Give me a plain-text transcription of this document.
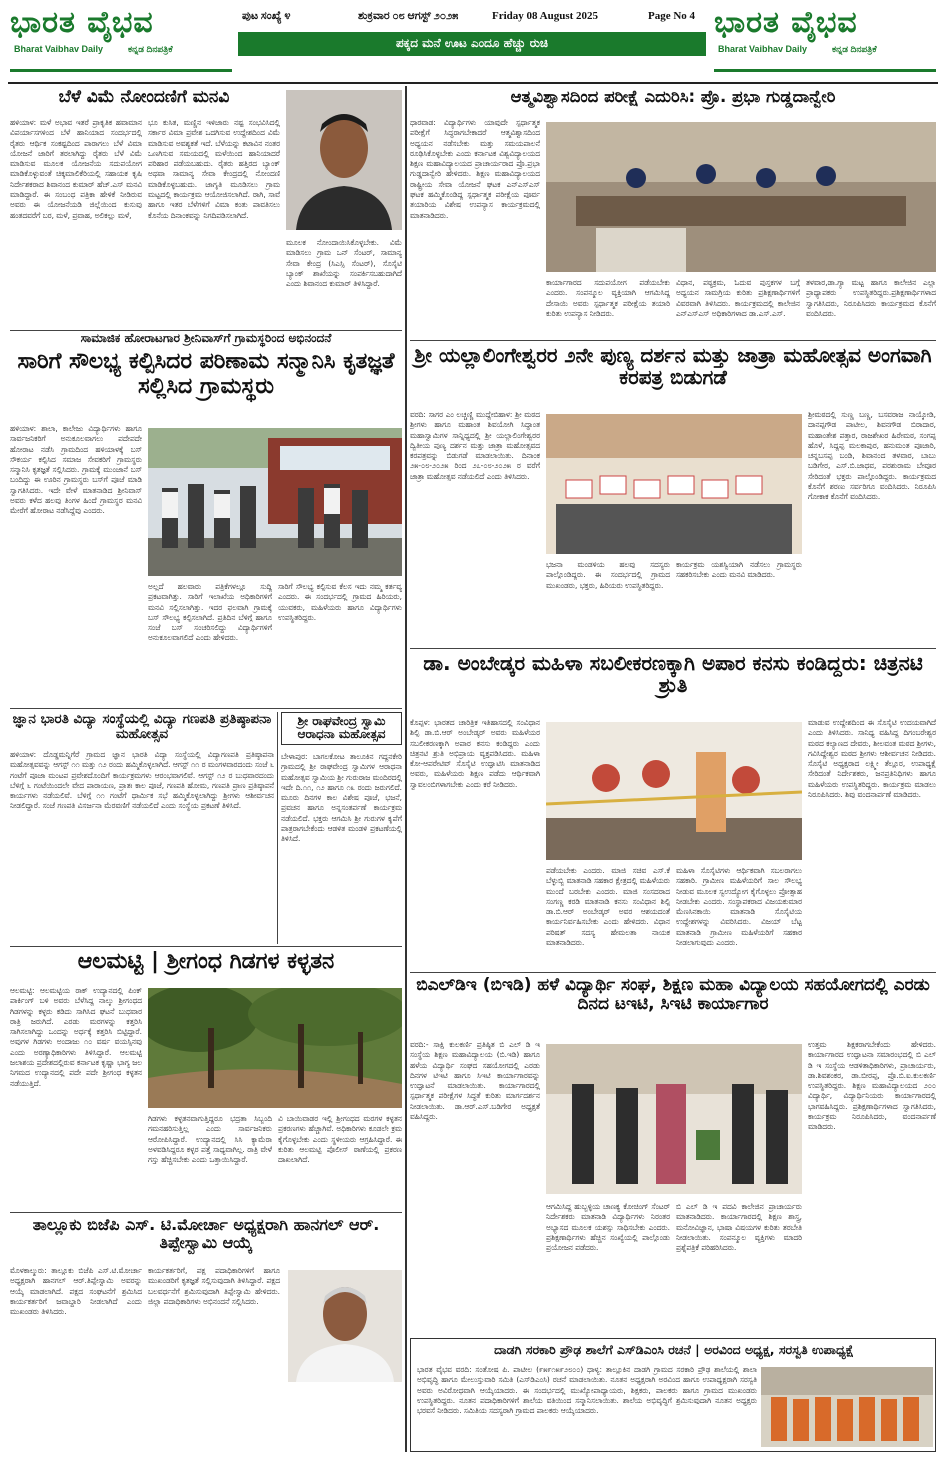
ಭಾರತ ವೈಭವ
Bharat Vaibhav Daily	ಕನ್ನಡ ದಿನಪತ್ರಿಕೆ
ಪುಟ ಸಂಖ್ಯೆ ೪	ಶುಕ್ರವಾರ ೦೮ ಆಗಸ್ಟ್ ೨೦೨೫	Friday 08 August 2025	Page No 4
ಪಕ್ಕದ ಮನೆ ಊಟ ಎಂದೂ ಹೆಚ್ಚು ರುಚಿ
ಭಾರತ ವೈಭವ
Bharat Vaibhav Daily	ಕನ್ನಡ ದಿನಪತ್ರಿಕೆ
ಬೆಳೆ ವಿಮೆ ನೋಂದಣಿಗೆ ಮನವಿ
ಹಳಿಯಾಳ: ಮಳೆ ಅಭಾವ ಇತರೆ ಪ್ರಾಕೃತಿಕ ಹವಾಮಾನ ವಿಪರ್ಯಾಸಗಳಿಂದ ಬೆಳೆ ಹಾನಿಯಾದ ಸಂದರ್ಭದಲ್ಲಿ ರೈತರು ಆರ್ಥಿಕ ಸಂಕಷ್ಟದಿಂದ ಪಾರಾಗಲು ಬೆಳೆ ವಿಮಾ ಯೋಜನೆ ಜಾರಿಗೆ ತರಲಾಗಿದ್ದು ರೈತರು ಬೆಳೆ ವಿಮೆ ಮಾಡಿಸುವ ಮೂಲಕ ಯೋಜನೆಯ ಸದುಪಯೋಗ ಮಾಡಿಕೊಳ್ಳುವಂತೆ ಚಿಕ್ಕಮಾಲಿಕೆರಿಯಲ್ಲಿ ಸಹಾಯಕ ಕೃಷಿ ನಿರ್ದೇಶಕರಾದ ಶಿವಾನಂದ ಕುಮಾರ್ ಹೆಚ್.ಎಸ್ ಮನವಿ ಮಾಡಿದ್ದಾರೆ. ಈ ಸಂಬಂಧ ಪತ್ರಿಕಾ ಹೇಳಿಕೆ ನೀಡಿರುವ ಅವರು ಈ ಯೋಜನೆಯಡಿ ಜಿಲ್ಲೆಯಿಂದ ಕುಸುವು ಹಂತದವರೆಗೆ ಬರ, ಮಳೆ, ಪ್ರವಾಹ, ಅಲಿಕಲ್ಲು ಮಳೆ,
ಭೂ ಕುಸಿತ, ಮಣ್ಣಿನ ಇಳಿಜಾರು ನಷ್ಟ ಸಂಭವಿಸಿದಲ್ಲಿ ಸರ್ಕಾರ ವಿಮಾ ಪ್ರವೇಶ ಒದಗಿಸುವ ಉದ್ದೇಶದಿಂದ ವಿಮೆ ಮಾಡಿಸುವ ಅವಶ್ಯಕತೆ ಇದೆ. ಬೆಳೆಯನ್ನು ಕಟಾವಿನ ನಂತರ ಒಣಗಿಸುವ ಸಮಯದಲ್ಲಿ ಮಳೆಯಿಂದ ಹಾನಿಯಾದರೆ ಪರಿಹಾರ ಪಡೆಯಬಹುದು. ರೈತರು ಹತ್ತಿರದ ಬ್ಯಾಂಕ್ ಅಥವಾ ಸಾಮಾನ್ಯ ಸೇವಾ ಕೇಂದ್ರದಲ್ಲಿ ನೋಂದಣಿ ಮಾಡಿಕೊಳ್ಳಬಹುದು. ಜಾಗೃತಿ ಮೂಡಿಸಲು ಗ್ರಾಮ ಮಟ್ಟದಲ್ಲಿ ಕಾರ್ಯಕ್ರಮ ಆಯೋಜಿಸಲಾಗಿದೆ. ರಾಗಿ, ಸಾವೆ ಹಾಗೂ ಇತರ ಬೆಳೆಗಳಿಗೆ ವಿಮಾ ಕಂತು ಪಾವತಿಸಲು ಕೊನೆಯ ದಿನಾಂಕವನ್ನು ನಿಗದಿಪಡಿಸಲಾಗಿದೆ.
ಮೂಲಕ ನೋಂದಾಯಿಸಿಕೊಳ್ಳಬೇಕು. ವಿಮೆ ಮಾಡಿಸಲು ಗ್ರಾಮ ಒನ್ ಸೆಂಟರ್, ಸಾಮಾನ್ಯ ಸೇವಾ ಕೇಂದ್ರ (ಸಿಎಸ್ಸಿ ಸೆಂಟರ್), ಸೊಸೈಟಿ ಬ್ಯಾಂಕ್ ಶಾಖೆಯನ್ನು ಸಂಪರ್ಕಿಸಬಹುದಾಗಿದೆ ಎಂದು ಶಿವಾನಂದ ಕುಮಾರ್ ತಿಳಿಸಿದ್ದಾರೆ.
ಸಾಮಾಜಿಕ ಹೋರಾಟಗಾರ ಶ್ರೀನಿವಾಸ್‌ಗೆ ಗ್ರಾಮಸ್ಥರಿಂದ ಅಭಿನಂದನೆ
ಸಾರಿಗೆ ಸೌಲಭ್ಯ ಕಲ್ಪಿಸಿದರ ಪರಿಣಾಮ ಸನ್ಮಾನಿಸಿ ಕೃತಜ್ಞತೆ ಸಲ್ಲಿಸಿದ ಗ್ರಾಮಸ್ಥರು
ಹಳಿಯಾಳ: ಶಾಲಾ, ಕಾಲೇಜು ವಿದ್ಯಾರ್ಥಿಗಳು ಹಾಗೂ ಸಾರ್ವಜನಿಕರಿಗೆ ಅನುಕೂಲವಾಗಲು ಪದೇಪದೇ ಹೋರಾಟ ನಡೆಸಿ ಗ್ರಾಮದಿಂದ ಹಳಿಯಾಳಕ್ಕೆ ಬಸ್ ಸೌಕರ್ಯ ಕಲ್ಪಿಸಿದ ಸಮಾಜ ಸೇವಕರಿಗೆ ಗ್ರಾಮಸ್ಥರು ಸನ್ಮಾನಿಸಿ ಕೃತಜ್ಞತೆ ಸಲ್ಲಿಸಿದರು. ಗ್ರಾಮಕ್ಕೆ ಮುಂಜಾನೆ ಬಸ್ ಬಂದಿದ್ದು ಈ ಊರಿನ ಗ್ರಾಮಸ್ಥರು ಬಸ್‌ಗೆ ಪೂಜೆ ಮಾಡಿ ಸ್ವಾಗತಿಸಿದರು. ಇದೇ ವೇಳೆ ಮಾತನಾಡಿದ ಶ್ರೀನಿವಾಸ್ ಅವರು ಕಳೆದ ಹಲವು ತಿಂಗಳ ಹಿಂದೆ ಗ್ರಾಮಸ್ಥರ ಮನವಿ ಮೇರೆಗೆ ಹೋರಾಟ ನಡೆಸಿದ್ದೆವು ಎಂದರು.
ಅಲ್ಲದೆ ಹಲವಾರು ಪತ್ರಿಕೆಗಳಲ್ಲೂ ಸುದ್ದಿ ಪ್ರಕಟವಾಗಿತ್ತು. ಸಾರಿಗೆ ಇಲಾಖೆಯ ಅಧಿಕಾರಿಗಳಿಗೆ ಮನವಿ ಸಲ್ಲಿಸಲಾಗಿತ್ತು. ಇದರ ಫಲವಾಗಿ ಗ್ರಾಮಕ್ಕೆ ಬಸ್ ಸೌಲಭ್ಯ ಕಲ್ಪಿಸಲಾಗಿದೆ. ಪ್ರತಿದಿನ ಬೆಳಿಗ್ಗೆ ಹಾಗೂ ಸಂಜೆ ಬಸ್ ಸಂಚರಿಸಲಿದ್ದು ವಿದ್ಯಾರ್ಥಿಗಳಿಗೆ ಅನುಕೂಲವಾಗಲಿದೆ ಎಂದು ಹೇಳಿದರು.
ಸಾರಿಗೆ ಸೌಲಭ್ಯ ಕಲ್ಪಿಸುವ ಕೆಲಸ ಇದು ನಮ್ಮ ಕರ್ತವ್ಯ ಎಂದರು. ಈ ಸಂದರ್ಭದಲ್ಲಿ ಗ್ರಾಮದ ಹಿರಿಯರು, ಯುವಕರು, ಮಹಿಳೆಯರು ಹಾಗೂ ವಿದ್ಯಾರ್ಥಿಗಳು ಉಪಸ್ಥಿತರಿದ್ದರು.
ಜ್ಞಾನ ಭಾರತಿ ವಿದ್ಯಾ ಸಂಸ್ಥೆಯಲ್ಲಿ ವಿದ್ಯಾ ಗಣಪತಿ ಪ್ರತಿಷ್ಠಾಪನಾ ಮಹೋತ್ಸವ
ಹಳಿಯಾಳ: ದೊಡ್ಡಮನ್ನಿಗೆರೆ ಗ್ರಾಮದ ಜ್ಞಾನ ಭಾರತಿ ವಿದ್ಯಾ ಸಂಸ್ಥೆಯಲ್ಲಿ ವಿದ್ಯಾಗಣಪತಿ ಪ್ರತಿಷ್ಠಾಪನಾ ಮಹೋತ್ಸವವನ್ನು ಆಗಸ್ಟ್ ೧೧ ಮತ್ತು ೧೨ ರಂದು ಹಮ್ಮಿಕೊಳ್ಳಲಾಗಿದೆ. ಆಗಸ್ಟ್ ೧೧ ರ ಮಂಗಳವಾರದಂದು ಸಂಜೆ ೬ ಗಂಟೆಗೆ ಪೂಜಾ ಮಂಟಪ ಪ್ರವೇಶದೊಂದಿಗೆ ಕಾರ್ಯಕ್ರಮಗಳು ಆರಂಭವಾಗಲಿವೆ. ಆಗಸ್ಟ್ ೧೨ ರ ಬುಧವಾರದಂದು ಬೆಳಿಗ್ಗೆ ೬ ಗಂಟೆಯಿಂದಲೇ ವೇದ ಪಾರಾಯಣ, ಪ್ರಾತಃ ಕಾಲ ಪೂಜೆ, ಗಣಪತಿ ಹೋಮ, ಗಣಪತಿ ಪ್ರಾಣ ಪ್ರತಿಷ್ಠಾಪನೆ ಕಾರ್ಯಗಳು ನಡೆಯಲಿವೆ. ಬೆಳಿಗ್ಗೆ ೧೧ ಗಂಟೆಗೆ ಧಾರ್ಮಿಕ ಸಭೆ ಹಮ್ಮಿಕೊಳ್ಳಲಾಗಿದ್ದು ಶ್ರೀಗಳು ಆಶೀರ್ವಚನ ನೀಡಲಿದ್ದಾರೆ. ಸಂಜೆ ಗಣಪತಿ ವಿಸರ್ಜನಾ ಮೆರವಣಿಗೆ ನಡೆಯಲಿದೆ ಎಂದು ಸಂಸ್ಥೆಯ ಪ್ರಕಟಣೆ ತಿಳಿಸಿದೆ.
ಶ್ರೀ ರಾಘವೇಂದ್ರ ಸ್ವಾಮಿ ಆರಾಧನಾ ಮಹೋತ್ಸವ
ಬೇಳಾಪುರ: ಬಾಗಲಕೋಟ ತಾಲೂಕಿನ ಗದ್ದನಕೇರಿ ಗ್ರಾಮದಲ್ಲಿ ಶ್ರೀ ರಾಘವೇಂದ್ರ ಸ್ವಾಮಿಗಳ ಆರಾಧನಾ ಮಹೋತ್ಸವ ಸ್ವಾಮಿಯ ಶ್ರೀ ಗುರುರಾಜ ಮಂದಿರದಲ್ಲಿ ಇದೇ ದಿ.೧೧, ೧೨ ಹಾಗೂ ೧೩ ರಂದು ಜರುಗಲಿದೆ. ಮೂರು ದಿನಗಳ ಕಾಲ ವಿಶೇಷ ಪೂಜೆ, ಭಜನೆ, ಪ್ರವಚನ ಹಾಗೂ ಅನ್ನಸಂತರ್ಪಣೆ ಕಾರ್ಯಕ್ರಮ ನಡೆಯಲಿದೆ. ಭಕ್ತರು ಆಗಮಿಸಿ ಶ್ರೀ ಗುರುಗಳ ಕೃಪೆಗೆ ಪಾತ್ರರಾಗಬೇಕೆಂದು ಆಡಳಿತ ಮಂಡಳಿ ಪ್ರಕಟಣೆಯಲ್ಲಿ ತಿಳಿಸಿದೆ.
ಆಲಮಟ್ಟಿ | ಶ್ರೀಗಂಧ ಗಿಡಗಳ ಕಳ್ಳತನ
ಆಲಮಟ್ಟಿ: ಆಲಮಟ್ಟಿಯ ರಾಕ್ ಉದ್ಯಾನದಲ್ಲಿ ಪಿಂಕ್ ಪಾರ್ಕಿಂಗ್ ಬಳಿ ಅವರು ಬೆಳೆಸಿದ್ದ ನಾಲ್ಕು ಶ್ರೀಗಂಧದ ಗಿಡಗಳನ್ನು ಕಳ್ಳರು ಕಡಿದು ಸಾಗಿಸಿದ ಘಟನೆ ಬುಧವಾರ ರಾತ್ರಿ ಜರುಗಿದೆ. ಎರಡು ಮರಗಳನ್ನು ಕತ್ತರಿಸಿ ಸಾಗಿಸಲಾಗಿದ್ದು ಒಂದನ್ನು ಅರ್ಧಕ್ಕೆ ಕತ್ತರಿಸಿ ಬಿಟ್ಟಿದ್ದಾರೆ. ಅವುಗಳ ಗಿಡಗಳು ಅಂದಾಜು ೧೦ ವರ್ಷ ವಯಸ್ಸಿನವು ಎಂದು ಅರಣ್ಯಾಧಿಕಾರಿಗಳು ತಿಳಿಸಿದ್ದಾರೆ. ಆಲಮಟ್ಟಿ ಜಲಾಶಯ ಪ್ರದೇಶದಲ್ಲಿರುವ ಕರ್ನಾಟಕ ಕೃಷ್ಣಾ ಭಾಗ್ಯ ಜಲ ನಿಗಮದ ಉದ್ಯಾನದಲ್ಲಿ ಪದೇ ಪದೇ ಶ್ರೀಗಂಧ ಕಳ್ಳತನ ನಡೆಯುತ್ತಿದೆ.
ಗಿಡಗಳು ಕಳ್ಳತನವಾಗುತ್ತಿದ್ದರೂ ಭದ್ರತಾ ಸಿಬ್ಬಂದಿ ಗಮನಹರಿಸುತ್ತಿಲ್ಲ ಎಂದು ಸಾರ್ವಜನಿಕರು ಆರೋಪಿಸಿದ್ದಾರೆ. ಉದ್ಯಾನದಲ್ಲಿ ಸಿಸಿ ಕ್ಯಾಮೆರಾ ಅಳವಡಿಸಿದ್ದರೂ ಕಳ್ಳರ ಪತ್ತೆ ಸಾಧ್ಯವಾಗಿಲ್ಲ. ರಾತ್ರಿ ವೇಳೆ ಗಸ್ತು ಹೆಚ್ಚಿಸಬೇಕು ಎಂದು ಒತ್ತಾಯಿಸಿದ್ದಾರೆ.
ವಿ ಬಾಯಿವಾಡರ ಇಲ್ಲಿ ಶ್ರೀಗಂಧದ ಮರಗಳ ಕಳ್ಳತನ ಪ್ರಕರಣಗಳು ಹೆಚ್ಚಾಗಿವೆ. ಅಧಿಕಾರಿಗಳು ಕೂಡಲೇ ಕ್ರಮ ಕೈಗೊಳ್ಳಬೇಕು ಎಂದು ಸ್ಥಳೀಯರು ಆಗ್ರಹಿಸಿದ್ದಾರೆ. ಈ ಕುರಿತು ಆಲಮಟ್ಟಿ ಪೊಲೀಸ್ ಠಾಣೆಯಲ್ಲಿ ಪ್ರಕರಣ ದಾಖಲಾಗಿದೆ.
ತಾಲ್ಲೂಕು ಬಿಜೆಪಿ ಎಸ್. ಟಿ.ಮೋರ್ಚಾ ಅಧ್ಯಕ್ಷರಾಗಿ ಹಾನಗಲ್ ಆರ್. ತಿಪ್ಪೇಸ್ವಾಮಿ ಆಯ್ಕೆ
ಮೊಳಕಾಲ್ಮುರು: ತಾಲ್ಲೂಕು ಬಿಜೆಪಿ ಎಸ್.ಟಿ.ಮೋರ್ಚಾ ಅಧ್ಯಕ್ಷರಾಗಿ ಹಾನಗಲ್ ಆರ್.ತಿಪ್ಪೇಸ್ವಾಮಿ ಅವರನ್ನು ಆಯ್ಕೆ ಮಾಡಲಾಗಿದೆ. ಪಕ್ಷದ ಸಂಘಟನೆಗೆ ಶ್ರಮಿಸಿದ ಕಾರ್ಯಕರ್ತರಿಗೆ ಜವಾಬ್ದಾರಿ ನೀಡಲಾಗಿದೆ ಎಂದು ಮುಖಂಡರು ತಿಳಿಸಿದರು.
ಕಾರ್ಯಕರ್ತರಿಗೆ, ಪಕ್ಷ ಪದಾಧಿಕಾರಿಗಳಿಗೆ ಹಾಗೂ ಮುಖಂಡರಿಗೆ ಕೃತಜ್ಞತೆ ಸಲ್ಲಿಸುವುದಾಗಿ ತಿಳಿಸಿದ್ದಾರೆ. ಪಕ್ಷದ ಬಲವರ್ಧನೆಗೆ ಶ್ರಮಿಸುವುದಾಗಿ ತಿಪ್ಪೇಸ್ವಾಮಿ ಹೇಳಿದರು. ಜಿಲ್ಲಾ ಪದಾಧಿಕಾರಿಗಳು ಅಭಿನಂದನೆ ಸಲ್ಲಿಸಿದರು.
ಆತ್ಮವಿಶ್ವಾಸದಿಂದ ಪರೀಕ್ಷೆ ಎದುರಿಸಿ: ಪ್ರೊ. ಪ್ರಭಾ ಗುಡ್ಡದಾನ್ವೇರಿ
ಧಾರವಾಡ: ವಿದ್ಯಾರ್ಥಿಗಳು ಯಾವುದೇ ಸ್ಪರ್ಧಾತ್ಮಕ ಪರೀಕ್ಷೆಗೆ ಸಿದ್ಧರಾಗಬೇಕಾದರೆ ಆತ್ಮವಿಶ್ವಾಸದಿಂದ ಅಧ್ಯಯನ ನಡೆಸಬೇಕು ಮತ್ತು ಸಮಯಪಾಲನೆ ರೂಢಿಸಿಕೊಳ್ಳಬೇಕು ಎಂದು ಕರ್ನಾಟಕ ವಿಶ್ವವಿದ್ಯಾಲಯದ ಶಿಕ್ಷಣ ಮಹಾವಿದ್ಯಾಲಯದ ಪ್ರಾಚಾರ್ಯರಾದ ಪ್ರೊ.ಪ್ರಭಾ ಗುಡ್ಡದಾನ್ವೇರಿ ಹೇಳಿದರು. ಶಿಕ್ಷಣ ಮಹಾವಿದ್ಯಾಲಯದ ರಾಷ್ಟ್ರೀಯ ಸೇವಾ ಯೋಜನೆ ಘಟಕ ಎನ್ಎಸ್ಎಸ್ ಘಟಕ ಹಮ್ಮಿಕೊಂಡಿದ್ದ ಸ್ಪರ್ಧಾತ್ಮಕ ಪರೀಕ್ಷೆಯ ಪೂರ್ವ ತಯಾರಿಯ ವಿಶೇಷ ಉಪನ್ಯಾಸ ಕಾರ್ಯಕ್ರಮದಲ್ಲಿ ಮಾತನಾಡಿದರು.
ಕಾರ್ಯಾಗಾರದ ಸದುಪಯೋಗ ಪಡೆಯಬೇಕು ಎಂದರು. ಸಂಪನ್ಮೂಲ ವ್ಯಕ್ತಿಯಾಗಿ ಆಗಮಿಸಿದ್ದ ದೇಸಾಯಿ ಅವರು ಸ್ಪರ್ಧಾತ್ಮಕ ಪರೀಕ್ಷೆಯ ತಯಾರಿ ಕುರಿತು ಉಪನ್ಯಾಸ ನೀಡಿದರು.
ವಿಧಾನ, ಪಠ್ಯಕ್ರಮ, ಓದುವ ಪುಸ್ತಕಗಳ ಬಗ್ಗೆ ಅಧ್ಯಯನ ಸಾಮಗ್ರಿಯ ಕುರಿತು ಪ್ರಶಿಕ್ಷಣಾರ್ಥಿಗಳಿಗೆ ವಿವರವಾಗಿ ತಿಳಿಸಿದರು. ಕಾರ್ಯಕ್ರಮದಲ್ಲಿ ಕಾಲೇಜಿನ ಎನ್ಎಸ್ಎಸ್ ಅಧಿಕಾರಿಗಳಾದ ಡಾ.ಎಸ್.ಎಸ್.
ತಳವಾರ,ಡಾ.ಗ್ಯಾ ಮಟ್ಟ ಹಾಗೂ ಕಾಲೇಜಿನ ಎಲ್ಲಾ ಪ್ರಾಧ್ಯಾಪಕರು ಉಪಸ್ಥಿತರಿದ್ದರು.ಪ್ರಶಿಕ್ಷಣಾರ್ಥಿಗಳಾದ ಸ್ವಾಗತಿಸಿದರು, ನಿರೂಪಿಸಿದರು ಕಾರ್ಯಕ್ರಮದ ಕೊನೆಗೆ ವಂದಿಸಿದರು.
ಶ್ರೀ ಯಲ್ಲಾಲಿಂಗೇಶ್ವರರ ೨ನೇ ಪುಣ್ಯ ದರ್ಶನ ಮತ್ತು ಜಾತ್ರಾ ಮಹೋತ್ಸವ ಅಂಗವಾಗಿ ಕರಪತ್ರ ಬಿಡುಗಡೆ
ವರದಿ: ಸಾಗರ ಎಂ ಲಚ್ಚಣ್ಣಿ ಮುದ್ದೇಬಿಹಾಳ: ಶ್ರೀ ಮಠದ ಶ್ರೀಗಳು ಹಾಗೂ ಮಹಾಂತ ಶಿವಯೋಗಿ ಸಿದ್ಧಾಂತ ಮಹಾಸ್ವಾಮಿಗಳ ಸಾನ್ನಿಧ್ಯದಲ್ಲಿ ಶ್ರೀ ಯಲ್ಲಾಲಿಂಗೇಶ್ವರರ ದ್ವಿತೀಯ ಪುಣ್ಯ ದರ್ಶನ ಮತ್ತು ಜಾತ್ರಾ ಮಹೋತ್ಸವದ ಕರಪತ್ರವನ್ನು ಬಿಡುಗಡೆ ಮಾಡಲಾಯಿತು. ದಿನಾಂಕ ೨೫-೦೮-೨೦೨೫ ರಿಂದ ೨೭-೦೮-೨೦೨೫ ರ ವರೆಗೆ ಜಾತ್ರಾ ಮಹೋತ್ಸವ ನಡೆಯಲಿದೆ ಎಂದು ತಿಳಿಸಿದರು.
ಭಜನಾ ಮಂಡಳಿಯ ಹಲವು ಸದಸ್ಯರು ಪಾಲ್ಗೊಂಡಿದ್ದರು. ಈ ಸಂದರ್ಭದಲ್ಲಿ ಗ್ರಾಮದ ಮುಖಂಡರು, ಭಕ್ತರು, ಹಿರಿಯರು ಉಪಸ್ಥಿತರಿದ್ದರು.
ಕಾರ್ಯಕ್ರಮ ಯಶಸ್ವಿಯಾಗಿ ನಡೆಸಲು ಗ್ರಾಮಸ್ಥರು ಸಹಕರಿಸಬೇಕು ಎಂದು ಮನವಿ ಮಾಡಿದರು.
ಶ್ರೀಮಠದಲ್ಲಿ ಸುಣ್ಣ ಬಣ್ಣ, ಬಸವರಾಜ ನಾಯ್ಕೋಡಿ, ದಾನಪ್ಪಗೌಡ ಪಾಟೀಲ, ಶಿವನಗೌಡ ಬಿರಾದಾರ, ಮಹಾಂತೇಶ ಪತ್ತಾರ, ರಾಜಶೇಖರ ಹಿರೇಮಠ, ಸಂಗಪ್ಪ ಹೊಳೆ, ಸಿದ್ದಪ್ಪ ಮಲಕಾಪುರ, ಹನುಮಂತ ಪೂಜಾರಿ, ಚನ್ನಬಸಪ್ಪ ಬಂಡಿ, ಶಿವಾನಂದ ತಳವಾರ, ಬಾಬು ಬಡಿಗೇರ, ಎಸ್.ಬಿ.ಜಾಧವ, ಪರಶುರಾಮ ಬೇವೂರ ಸೇರಿದಂತೆ ಭಕ್ತರು ಪಾಲ್ಗೊಂಡಿದ್ದರು. ಕಾರ್ಯಕ್ರಮದ ಕೊನೆಗೆ ಶರಣು ಸರ್ವರಿಗೂ ವಂದಿಸಿದರು. ನಿರೂಪಿಸಿ ಗೋಕಾಕ ಕೊನೆಗೆ ವಂದಿಸಿದರು.
ಡಾ. ಅಂಬೇಡ್ಕರ ಮಹಿಳಾ ಸಬಲೀಕರಣಕ್ಕಾಗಿ ಅಪಾರ ಕನಸು ಕಂಡಿದ್ದರು: ಚಿತ್ರನಟಿ ಶ್ರುತಿ
ಕೊಪ್ಪಳ: ಭಾರತದ ಚಾರಿತ್ರಿಕ ಇತಿಹಾಸದಲ್ಲಿ ಸಂವಿಧಾನ ಶಿಲ್ಪಿ ಡಾ.ಬಿ.ಆರ್ ಅಂಬೇಡ್ಕರ್ ಅವರು ಮಹಿಳೆಯರ ಸಬಲೀಕರಣಕ್ಕಾಗಿ ಅಪಾರ ಕನಸು ಕಂಡಿದ್ದರು ಎಂದು ಚಿತ್ರನಟಿ ಶ್ರುತಿ ಅಭಿಪ್ರಾಯ ವ್ಯಕ್ತಪಡಿಸಿದರು. ಮಹಿಳಾ ಕೋ-ಆಪರೇಟಿವ್ ಸೊಸೈಟಿ ಉದ್ಘಾಟಿಸಿ ಮಾತನಾಡಿದ ಅವರು, ಮಹಿಳೆಯರು ಶಿಕ್ಷಣ ಪಡೆದು ಆರ್ಥಿಕವಾಗಿ ಸ್ವಾವಲಂಬಿಗಳಾಗಬೇಕು ಎಂದು ಕರೆ ನೀಡಿದರು.
ಪಡೆಯಬೇಕು ಎಂದರು. ಮಾಜಿ ಸಚಿವ ಎಸ್.ಕೆ ಬೆಳ್ಳುಬ್ಬಿ ಮಾತನಾಡಿ ಸಹಕಾರ ಕ್ಷೇತ್ರದಲ್ಲಿ ಮಹಿಳೆಯರು ಮುಂದೆ ಬರಬೇಕು ಎಂದರು. ಮಾಜಿ ಸಂಸದರಾದ ಸಂಗಣ್ಣ ಕರಡಿ ಮಾತನಾಡಿ ಕನಸು ಸಂವಿಧಾನ ಶಿಲ್ಪಿ ಡಾ.ಬಿ.ಆರ್ ಅಂಬೇಡ್ಕರ್ ಅವರ ಆಶಯದಂತೆ ಕಾರ್ಯನಿರ್ವಹಿಸಬೇಕು ಎಂದು ಹೇಳಿದರು. ವಿಧಾನ ಪರಿಷತ್ ಸದಸ್ಯ ಹೇಮಲತಾ ನಾಯಕ ಮಾತನಾಡಿದರು.
ಮಹಿಳಾ ಸೊಸೈಟಿಗಳು ಆರ್ಥಿಕವಾಗಿ ಸಬಲರಾಗಲು ಸಹಕಾರಿ. ಗ್ರಾಮೀಣ ಮಹಿಳೆಯರಿಗೆ ಸಾಲ ಸೌಲಭ್ಯ ನೀಡುವ ಮೂಲಕ ಸ್ವಉದ್ಯೋಗ ಕೈಗೊಳ್ಳಲು ಪ್ರೋತ್ಸಾಹ ನೀಡಬೇಕು ಎಂದರು. ಸಂಸ್ಥಾಪಕರಾದ ವಿಜಯಕುಮಾರ ಮೆಣಸಿನಕಾಯಿ ಮಾತನಾಡಿ ಸೊಸೈಟಿಯ ಉದ್ದೇಶಗಳನ್ನು ವಿವರಿಸಿದರು. ವಿಜಯ್ ಬೆಟ್ಟ ಮಾತನಾಡಿ ಗ್ರಾಮೀಣ ಮಹಿಳೆಯರಿಗೆ ಸಹಕಾರ ನೀಡಲಾಗುವುದು ಎಂದರು.
ಮಾಡುವ ಉದ್ದೇಶದಿಂದ ಈ ಸೊಸೈಟಿ ಉದಯವಾಗಿದೆ ಎಂದು ತಿಳಿಸಿದರು. ಸಾನಿಧ್ಯ ವಹಿಸಿದ್ದ ದಿಗಂಬರೇಶ್ವರ ಮಠದ ಕಲ್ಯಾಣದ ದೇವರು, ಶೀಲವಂತ ಮಠದ ಶ್ರೀಗಳು, ಗವಿಸಿದ್ದೇಶ್ವರ ಮಠದ ಶ್ರೀಗಳು ಆಶೀರ್ವಚನ ನೀಡಿದರು. ಸೊಸೈಟಿ ಅಧ್ಯಕ್ಷರಾದ ಲಕ್ಷ್ಮೀ ತೆಲ್ಲೂರ, ಉಪಾಧ್ಯಕ್ಷೆ ಸೇರಿದಂತೆ ನಿರ್ದೇಶಕರು, ಜನಪ್ರತಿನಿಧಿಗಳು ಹಾಗೂ ಮಹಿಳೆಯರು ಉಪಸ್ಥಿತರಿದ್ದರು. ಕಾರ್ಯಕ್ರಮ ಮಾಡಲು ನಿರೂಪಿಸಿದರು. ಶಿವು ವಂದನಾರ್ಪಣೆ ಮಾಡಿದರು.
ಬಿಎಲ್‌ಡಿಇ (ಬಿಇಡಿ) ಹಳೆ ವಿದ್ಯಾರ್ಥಿ ಸಂಘ, ಶಿಕ್ಷಣ ಮಹಾ ವಿದ್ಯಾಲಯ ಸಹಯೋಗದಲ್ಲಿ ಎರಡು ದಿನದ ಟಇಟಿ, ಸಿಇಟಿ ಕಾರ್ಯಾಗಾರ
ವರದಿ:- ಸಾಕ್ಷಿ ಕುಲಕರ್ಣಿ ಪ್ರತಿಷ್ಠಿತ ಬಿ ಎಲ್ ಡಿ ಇ ಸಂಸ್ಥೆಯ ಶಿಕ್ಷಣ ಮಹಾವಿದ್ಯಾಲಯ (ಬಿ.ಇಡಿ) ಹಾಗೂ ಹಳೆಯ ವಿದ್ಯಾರ್ಥಿ ಸಂಘದ ಸಹಯೋಗದಲ್ಲಿ ಎರಡು ದಿನಗಳ ಟಿಇಟಿ ಹಾಗೂ ಸಿಇಟಿ ಕಾರ್ಯಾಗಾರವನ್ನು ಉದ್ಘಾಟನೆ ಮಾಡಲಾಯಿತು. ಕಾರ್ಯಾಗಾರದಲ್ಲಿ ಸ್ಪರ್ಧಾತ್ಮಕ ಪರೀಕ್ಷೆಗಳ ಸಿದ್ಧತೆ ಕುರಿತು ಮಾರ್ಗದರ್ಶನ ನೀಡಲಾಯಿತು. ಡಾ.ಆರ್.ಎಸ್.ಬಡಿಗೇರ ಅಧ್ಯಕ್ಷತೆ ವಹಿಸಿದ್ದರು.
ಆಗಮಿಸಿದ್ದ ಹುಬ್ಬಳ್ಳಿಯ ಚಾಣಕ್ಯ ಕೋಚಿಂಗ್ ಸೆಂಟರ್ ನಿರ್ದೇಶಕರು ಮಾತನಾಡಿ ವಿದ್ಯಾರ್ಥಿಗಳು ನಿರಂತರ ಅಭ್ಯಾಸದ ಮೂಲಕ ಯಶಸ್ಸು ಸಾಧಿಸಬೇಕು ಎಂದರು. ಪ್ರಶಿಕ್ಷಣಾರ್ಥಿಗಳು ಹೆಚ್ಚಿನ ಸಂಖ್ಯೆಯಲ್ಲಿ ಪಾಲ್ಗೊಂಡು ಪ್ರಯೋಜನ ಪಡೆದರು.
ಬಿ ಎಲ್ ಡಿ ಇ ಪದವಿ ಕಾಲೇಜಿನ ಪ್ರಾಚಾರ್ಯರು ಮಾತನಾಡಿದರು. ಕಾರ್ಯಾಗಾರದಲ್ಲಿ ಶಿಕ್ಷಣ ಶಾಸ್ತ್ರ, ಮನೋವಿಜ್ಞಾನ, ಭಾಷಾ ವಿಷಯಗಳ ಕುರಿತು ತರಬೇತಿ ನೀಡಲಾಯಿತು. ಸಂಪನ್ಮೂಲ ವ್ಯಕ್ತಿಗಳು ಮಾದರಿ ಪ್ರಶ್ನೆಪತ್ರಿಕೆ ಪರಿಹರಿಸಿದರು.
ಉತ್ತಮ ಶಿಕ್ಷಕರಾಗಬೇಕೆಂದು ಹೇಳಿದರು. ಕಾರ್ಯಾಗಾರದ ಉದ್ಘಾಟನಾ ಸಮಾರಂಭದಲ್ಲಿ ಬಿ ಎಲ್ ಡಿ ಇ ಸಂಸ್ಥೆಯ ಆಡಳಿತಾಧಿಕಾರಿಗಳು, ಪ್ರಾಚಾರ್ಯರು, ಡಾ.ಶಿವಶಂಕರ, ಡಾ.ಬೀರಪ್ಪ, ಪ್ರೊ.ಬಿ.ಐ.ಕುಲಕರ್ಣಿ ಉಪಸ್ಥಿತರಿದ್ದರು. ಶಿಕ್ಷಣ ಮಹಾವಿದ್ಯಾಲಯದ ೨೦೦ ವಿದ್ಯಾರ್ಥಿ, ವಿದ್ಯಾರ್ಥಿನಿಯರು ಕಾರ್ಯಾಗಾರದಲ್ಲಿ ಭಾಗವಹಿಸಿದ್ದರು. ಪ್ರಶಿಕ್ಷಣಾರ್ಥಿಗಳಾದ ಸ್ವಾಗತಿಸಿದರು, ಕಾರ್ಯಕ್ರಮ ನಿರೂಪಿಸಿದರು, ವಂದನಾರ್ಪಣೆ ಮಾಡಿದರು.
ದಾಡಗಿ ಸರಕಾರಿ ಪ್ರೌಢ ಶಾಲೆಗೆ ಎಸ್‌ಡಿಎಂಸಿ ರಚನೆ | ಅರವಿಂದ ಅಧ್ಯಕ್ಷ, ಸರಸ್ವತಿ ಉಪಾಧ್ಯಕ್ಷೆ
ಭಾರತ ವೈಭವ ವರದಿ: ಸಂತೋಷ ಪಿ. ಪಾಟೀಲ (೯೫೯೧೫೯೨೮೦೦) ಧಾಳ್ಯ: ತಾಲ್ಲೂಕಿನ ದಾಡಗಿ ಗ್ರಾಮದ ಸರಕಾರಿ ಪ್ರೌಢ ಶಾಲೆಯಲ್ಲಿ ಶಾಲಾ ಅಭಿವೃದ್ಧಿ ಹಾಗೂ ಮೇಲುಸ್ತುವಾರಿ ಸಮಿತಿ (ಎಸ್‌ಡಿಎಂಸಿ) ರಚನೆ ಮಾಡಲಾಯಿತು. ನೂತನ ಅಧ್ಯಕ್ಷರಾಗಿ ಅರವಿಂದ ಹಾಗೂ ಉಪಾಧ್ಯಕ್ಷರಾಗಿ ಸರಸ್ವತಿ ಅವರು ಅವಿರೋಧವಾಗಿ ಆಯ್ಕೆಯಾದರು. ಈ ಸಂದರ್ಭದಲ್ಲಿ ಮುಖ್ಯೋಪಾಧ್ಯಾಯರು, ಶಿಕ್ಷಕರು, ಪಾಲಕರು ಹಾಗೂ ಗ್ರಾಮದ ಮುಖಂಡರು ಉಪಸ್ಥಿತರಿದ್ದರು. ನೂತನ ಪದಾಧಿಕಾರಿಗಳಿಗೆ ಶಾಲೆಯ ವತಿಯಿಂದ ಸನ್ಮಾನಿಸಲಾಯಿತು. ಶಾಲೆಯ ಅಭಿವೃದ್ಧಿಗೆ ಶ್ರಮಿಸುವುದಾಗಿ ನೂತನ ಅಧ್ಯಕ್ಷರು ಭರವಸೆ ನೀಡಿದರು. ಸಮಿತಿಯ ಸದಸ್ಯರಾಗಿ ಗ್ರಾಮದ ಪಾಲಕರು ಆಯ್ಕೆಯಾದರು.
